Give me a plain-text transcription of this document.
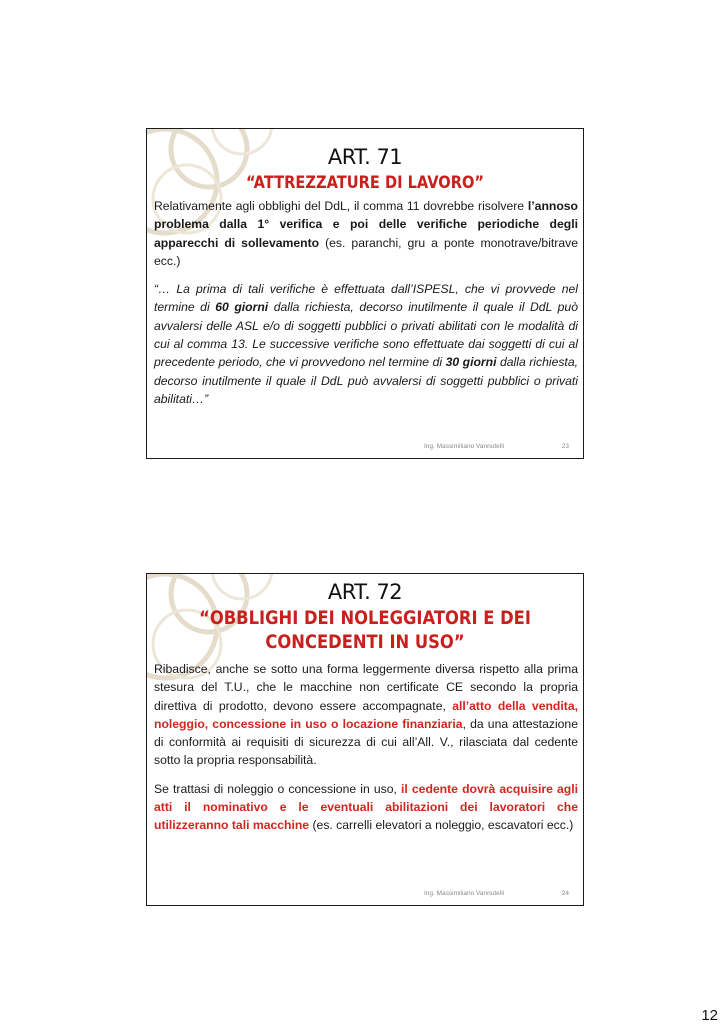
ART. 71
“ATTREZZATURE DI LAVORO”

Relativamente agli obblighi del DdL, il comma 11 dovrebbe risolvere l’annoso problema dalla 1° verifica e poi delle verifiche periodiche degli apparecchi di sollevamento (es. paranchi, gru a ponte monotrave/bitrave ecc.)

“… La prima di tali verifiche è effettuata dall’ISPESL, che vi provvede nel termine di 60 giorni dalla richiesta, decorso inutilmente il quale il DdL può avvalersi delle ASL e/o di soggetti pubblici o privati abilitati con le modalità di cui al comma 13. Le successive verifiche sono effettuate dai soggetti di cui al precedente periodo, che vi provvedono nel termine di 30 giorni dalla richiesta, decorso inutilmente il quale il DdL può avvalersi di soggetti pubblici o privati abilitati…”

Ing. Massimiliano Vannutelli	23
ART. 72
“OBBLIGHI DEI NOLEGGIATORI E DEI
CONCEDENTI IN USO”

Ribadisce, anche se sotto una forma leggermente diversa rispetto alla prima stesura del T.U., che le macchine non certificate CE secondo la propria direttiva di prodotto, devono essere accompagnate, all’atto della vendita, noleggio, concessione in uso o locazione finanziaria, da una attestazione di conformità ai requisiti di sicurezza di cui all’All. V., rilasciata dal cedente sotto la propria responsabilità.

Se trattasi di noleggio o concessione in uso, il cedente dovrà acquisire agli atti il nominativo e le eventuali abilitazioni dei lavoratori che utilizzeranno tali macchine (es. carrelli elevatori a noleggio, escavatori ecc.)

Ing. Massimiliano Vannutelli	24
12
